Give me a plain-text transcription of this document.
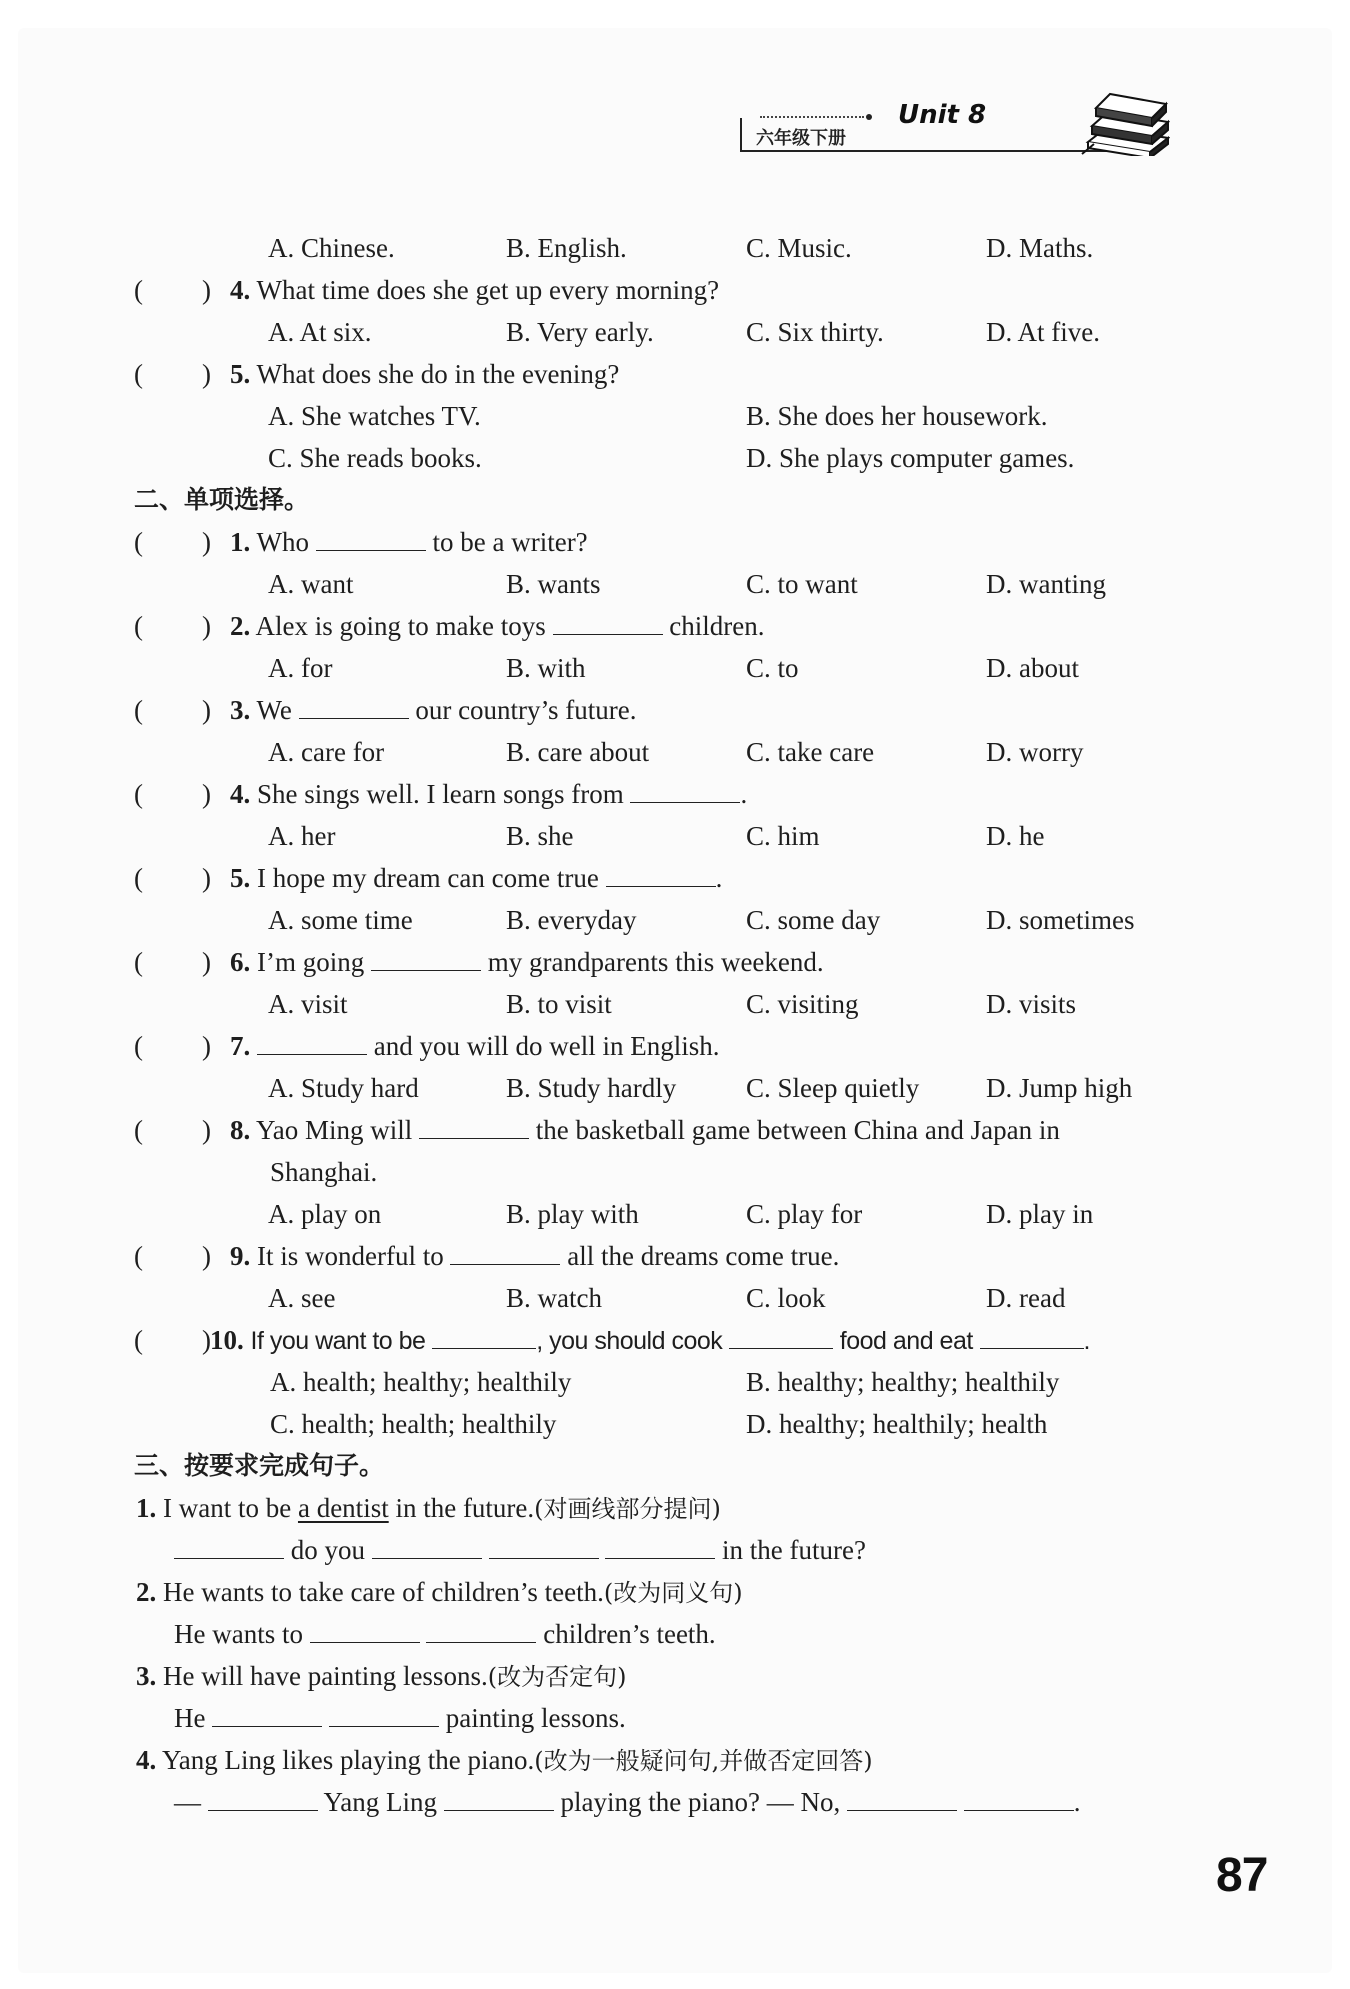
六年级下册
Unit 8
A. Chinese.	B. English.	C. Music.	D. Maths.
( ) 4. What time does she get up every morning?
A. At six.	B. Very early.	C. Six thirty.	D. At five.
( ) 5. What does she do in the evening?
A. She watches TV.	B. She does her housework.
C. She reads books.	D. She plays computer games.
二、单项选择。
( ) 1. Who	to be a writer?
A. want	B. wants	C. to want	D. wanting
( ) 2. Alex is going to make toys	children.
A. for	B. with	C. to	D. about
( ) 3. We	our country’s future.
A. care for	B. care about	C. take care	D. worry
( ) 4. She sings well. I learn songs from	.
A. her	B. she	C. him	D. he
( ) 5. I hope my dream can come true	.
A. some time	B. everyday	C. some day	D. sometimes
( ) 6. I’m going	my grandparents this weekend.
A. visit	B. to visit	C. visiting	D. visits
( ) 7.	and you will do well in English.
A. Study hard	B. Study hardly	C. Sleep quietly D. Jump high
( ) 8. Yao Ming will	the basketball game between China and Japan in
Shanghai.
A. play on	B. play with	C. play for	D. play in
( ) 9. It is wonderful to	all the dreams come true.
A. see	B. watch	C. look	D. read
( ) 10. If you want to be	, you should cook	food and eat	.
A. health; healthy; healthily	B. healthy; healthy; healthily
C. health; health; healthily	D. healthy; healthily; health
三、按要求完成句子。
1. I want to be a dentist in the future.(对画线部分提问)
do you	in the future?
2. He wants to take care of children’s teeth.(改为同义句)
He wants to	children’s teeth.
3. He will have painting lessons.(改为否定句)
He	painting lessons.
4. Yang Ling likes playing the piano.(改为一般疑问句,并做否定回答)
—	Yang Ling	playing the piano? — No,	.
87
